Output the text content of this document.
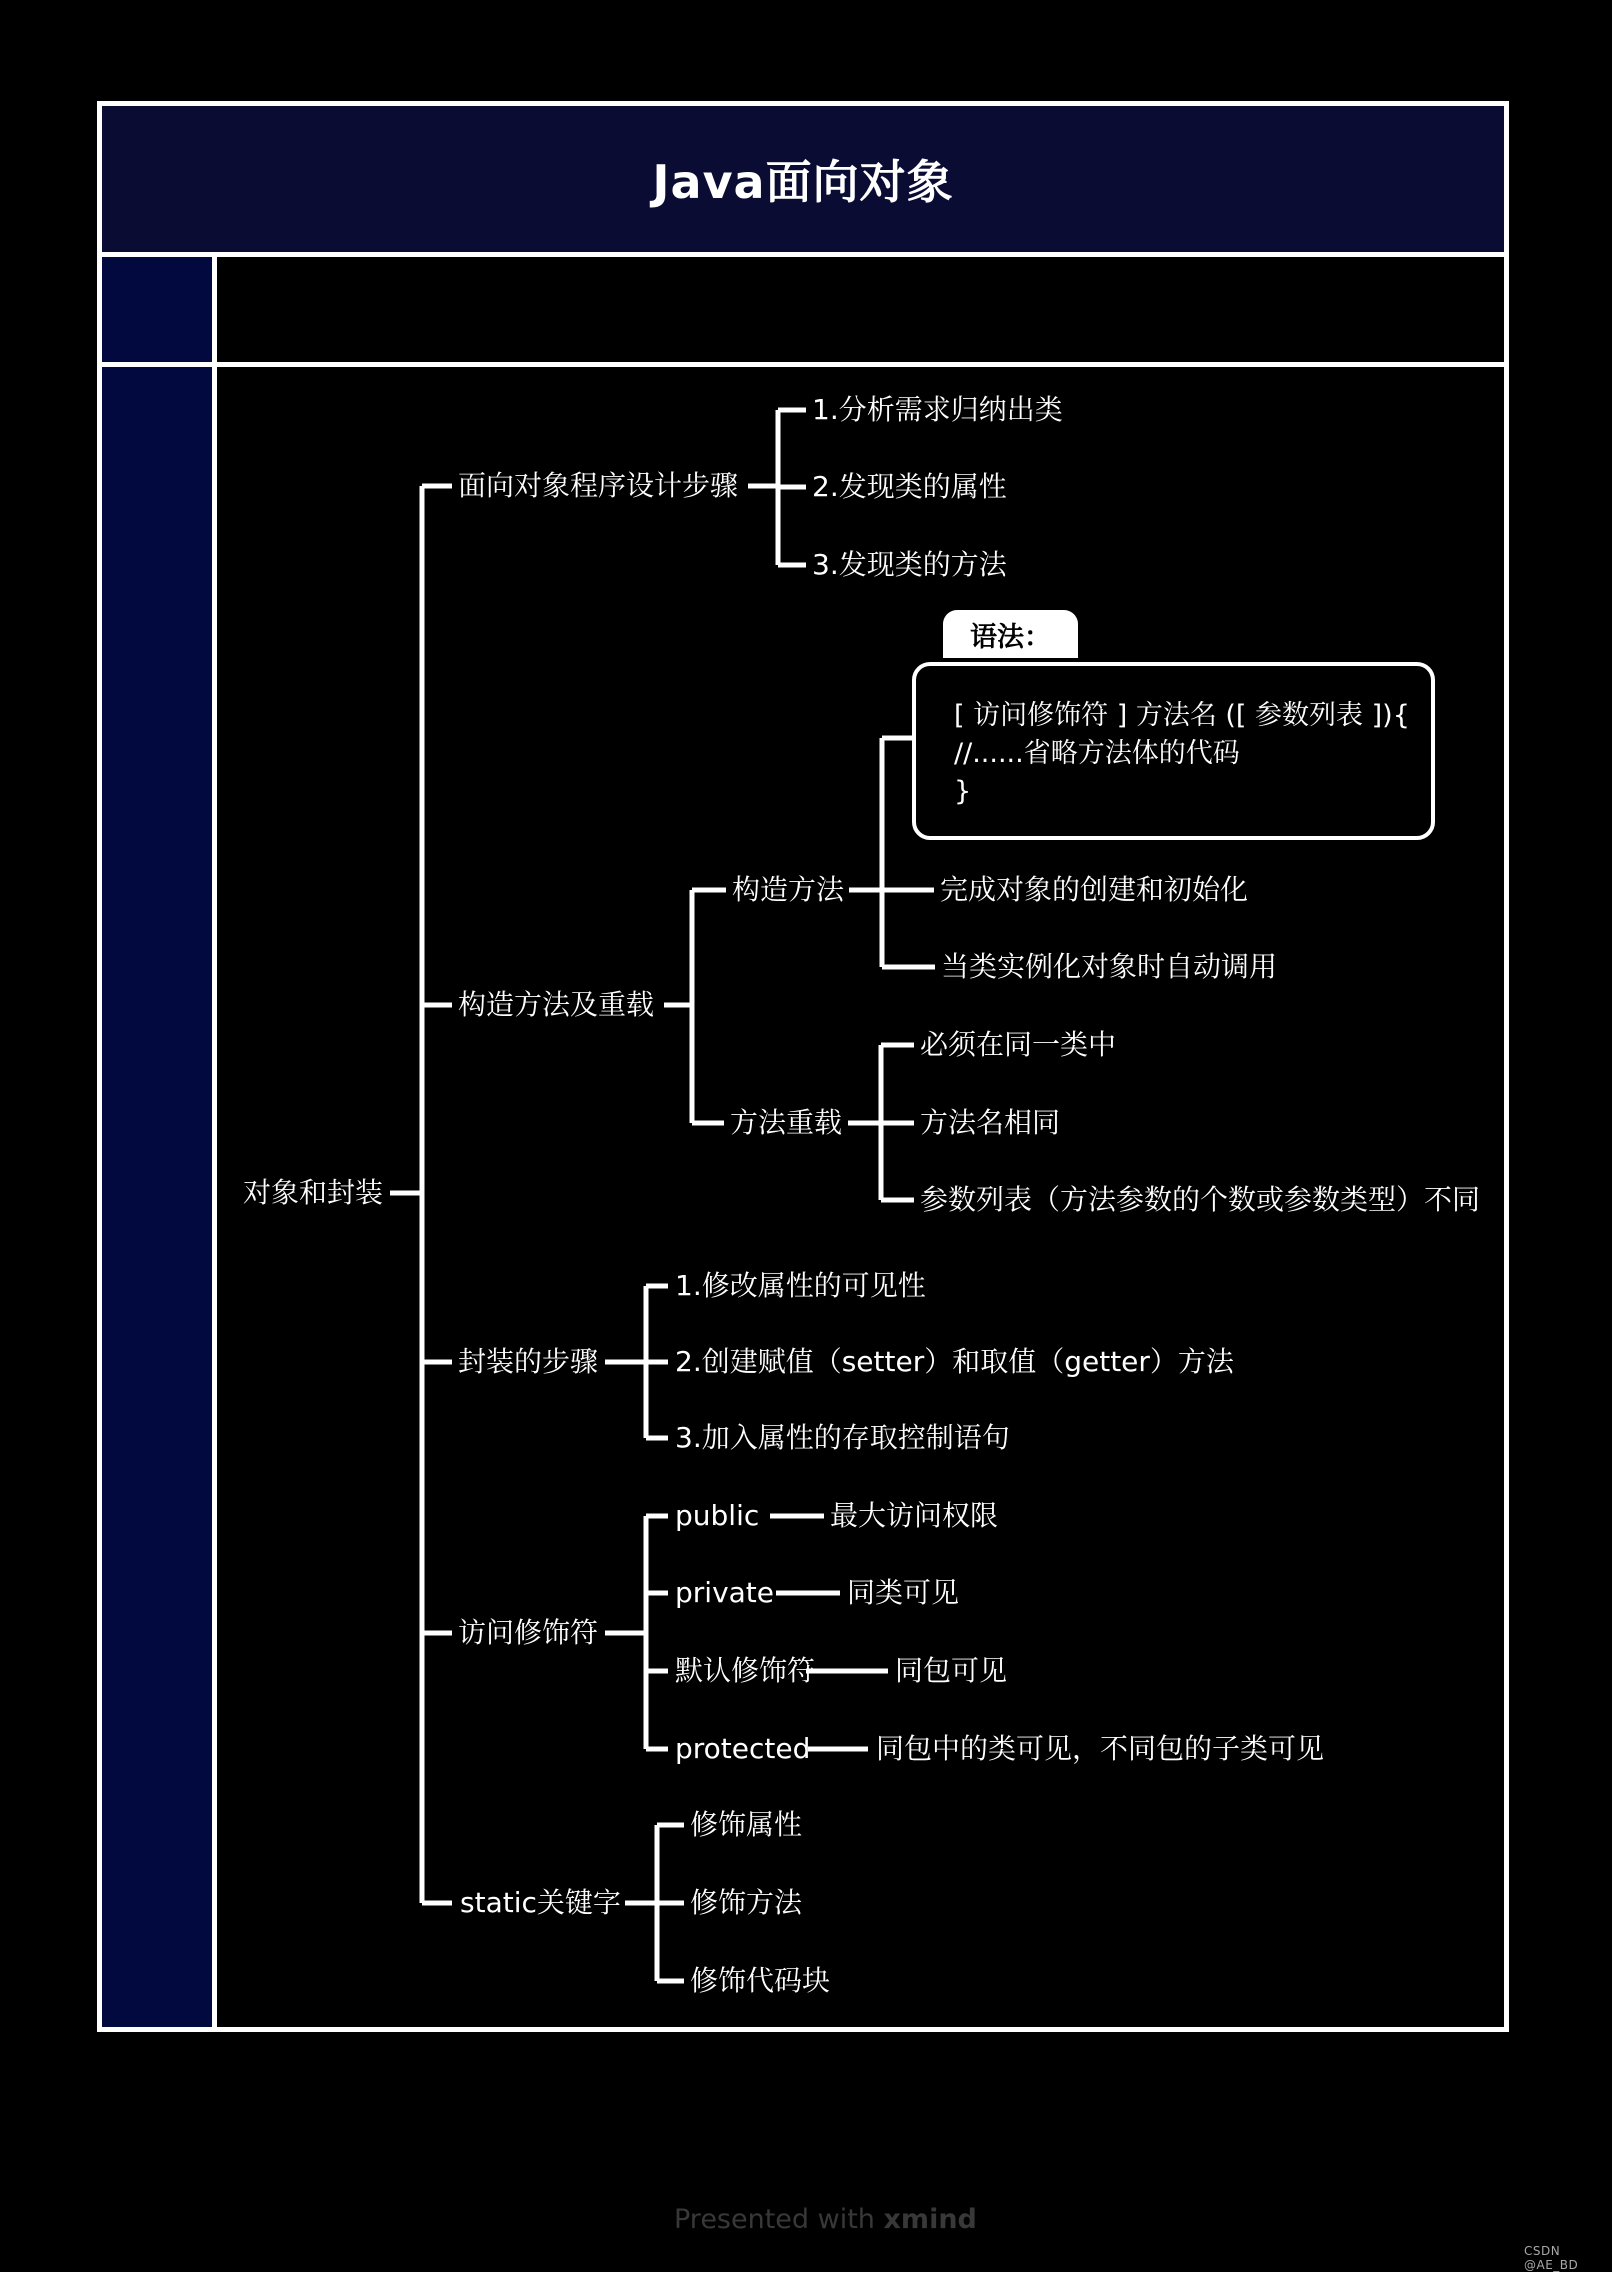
Java面向对象
对象和封装
面向对象程序设计步骤
1.分析需求归纳出类
2.发现类的属性
3.发现类的方法
构造方法及重载
构造方法
语法：
[ 访问修饰符 ] 方法名 ([ 参数列表 ]){
//......省略方法体的代码
}
完成对象的创建和初始化
当类实例化对象时自动调用
方法重载
必须在同一类中
方法名相同
参数列表（方法参数的个数或参数类型）不同
封装的步骤
1.修改属性的可见性
2.创建赋值（setter）和取值（getter）方法
3.加入属性的存取控制语句
访问修饰符
public	最大访问权限
private	同类可见
默认修饰符	同包可见
protected 同包中的类可见，不同包的子类可见
static关键字
修饰属性
修饰方法
修饰代码块
Presented with xmind
CSDN @AE_BD
